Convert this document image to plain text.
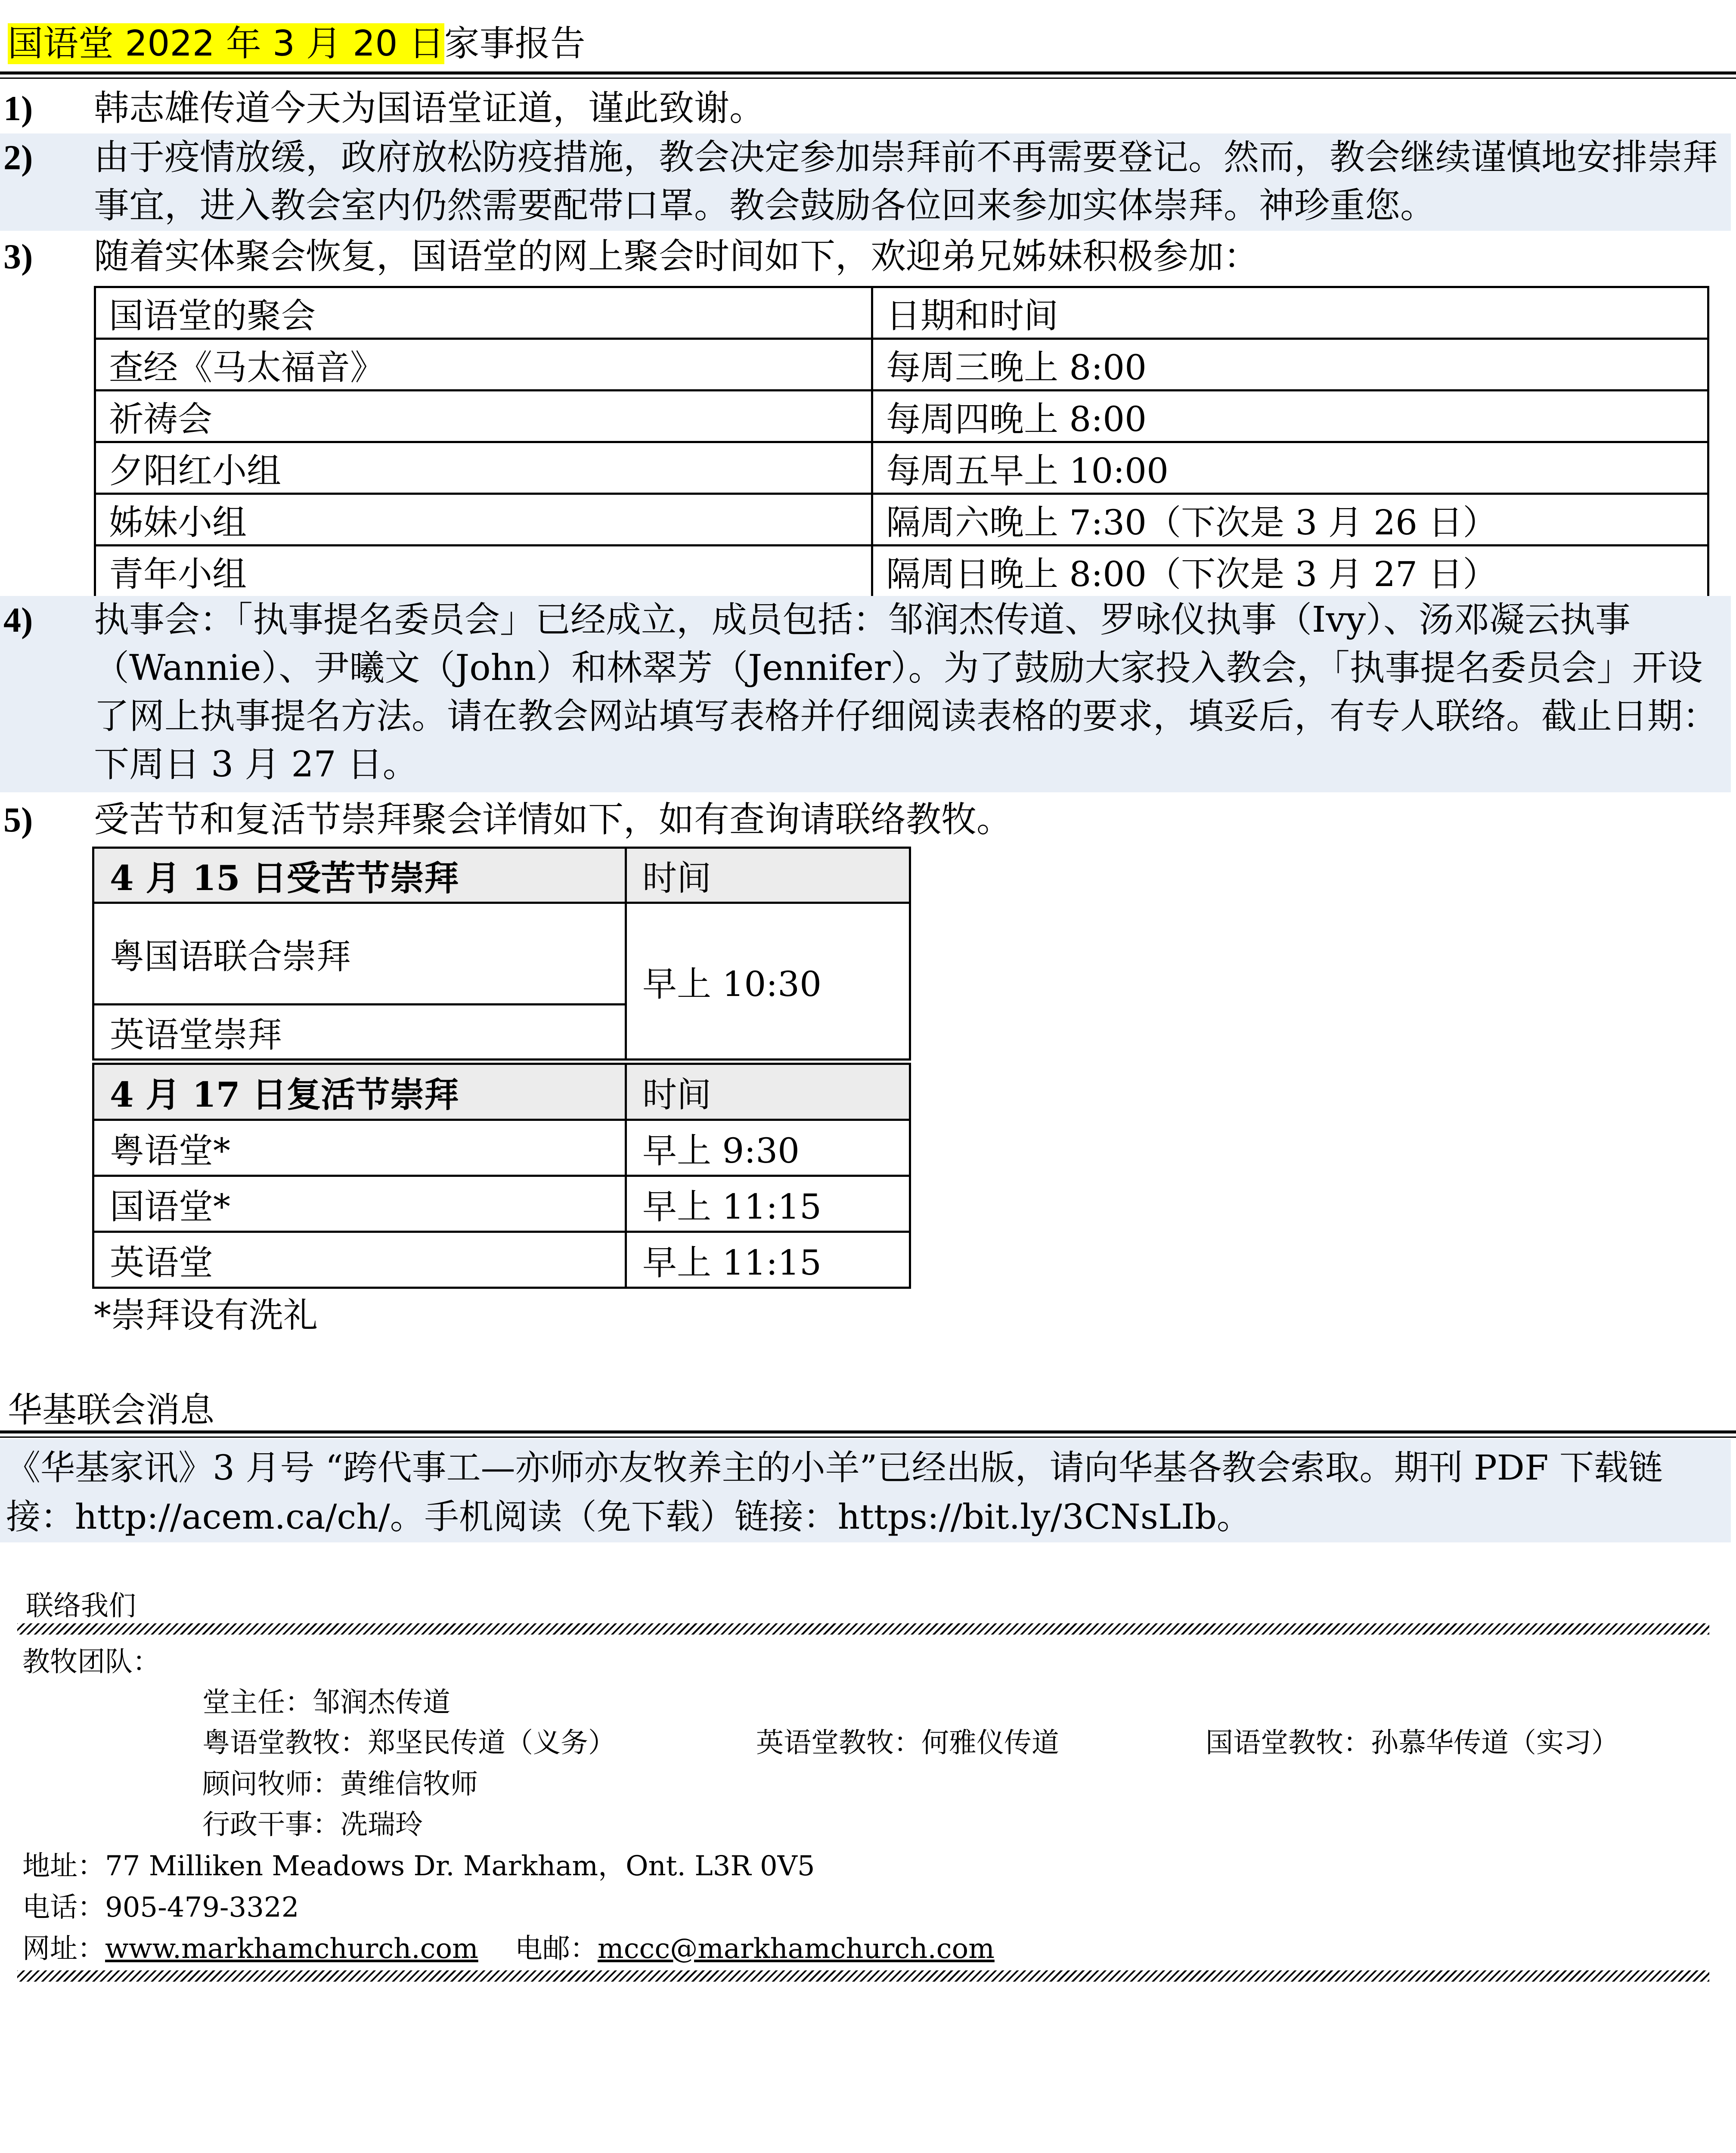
国语堂 2022 年 3 月 20 日家事报告
1) 韩志雄传道今天为国语堂证道，谨此致谢。
2) 由于疫情放缓，政府放松防疫措施，教会决定参加崇拜前不再需要登记。然而，教会继续谨慎地安排崇拜事宜，进入教会室内仍然需要配带口罩。教会鼓励各位回来参加实体崇拜。神珍重您。
3) 随着实体聚会恢复，国语堂的网上聚会时间如下，欢迎弟兄姊妹积极参加：
国语堂的聚会	日期和时间
查经《马太福音》	每周三晚上 8:00
祈祷会	每周四晚上 8:00
夕阳红小组	每周五早上 10:00
姊妹小组	隔周六晚上 7:30（下次是 3 月 26 日）
青年小组	隔周日晚上 8:00（下次是 3 月 27 日）
4) 执事会：「执事提名委员会」已经成立，成员包括：邹润杰传道、罗咏仪执事（Ivy）、汤邓凝云执事（Wannie）、尹曦文（John）和林翠芳（Jennifer）。为了鼓励大家投入教会，「执事提名委员会」开设了网上执事提名方法。请在教会网站填写表格并仔细阅读表格的要求，填妥后，有专人联络。截止日期：下周日 3 月 27 日。
5) 受苦节和复活节崇拜聚会详情如下，如有查询请联络教牧。
4 月 15 日受苦节崇拜	时间
粤国语联合崇拜	早上 10:30
英语堂崇拜	
4 月 17 日复活节崇拜	时间
粤语堂*	早上 9:30
国语堂*	早上 11:15
英语堂	早上 11:15
*崇拜设有洗礼
华基联会消息
《华基家讯》3 月号 “跨代事工—亦师亦友牧养主的小羊”已经出版，请向华基各教会索取。期刊 PDF 下载链接：http://acem.ca/ch/。手机阅读（免下载）链接：https://bit.ly/3CNsLIb。
联络我们
教牧团队：
堂主任：邹润杰传道
粤语堂教牧：郑坚民传道（义务）	英语堂教牧：何雅仪传道	国语堂教牧：孙慕华传道（实习）
顾问牧师：黄维信牧师
行政干事：冼瑞玲
地址：77 Milliken Meadows Dr. Markham，Ont. L3R 0V5
电话：905-479-3322
网址：www.markhamchurch.com 电邮：mccc@markhamchurch.com
